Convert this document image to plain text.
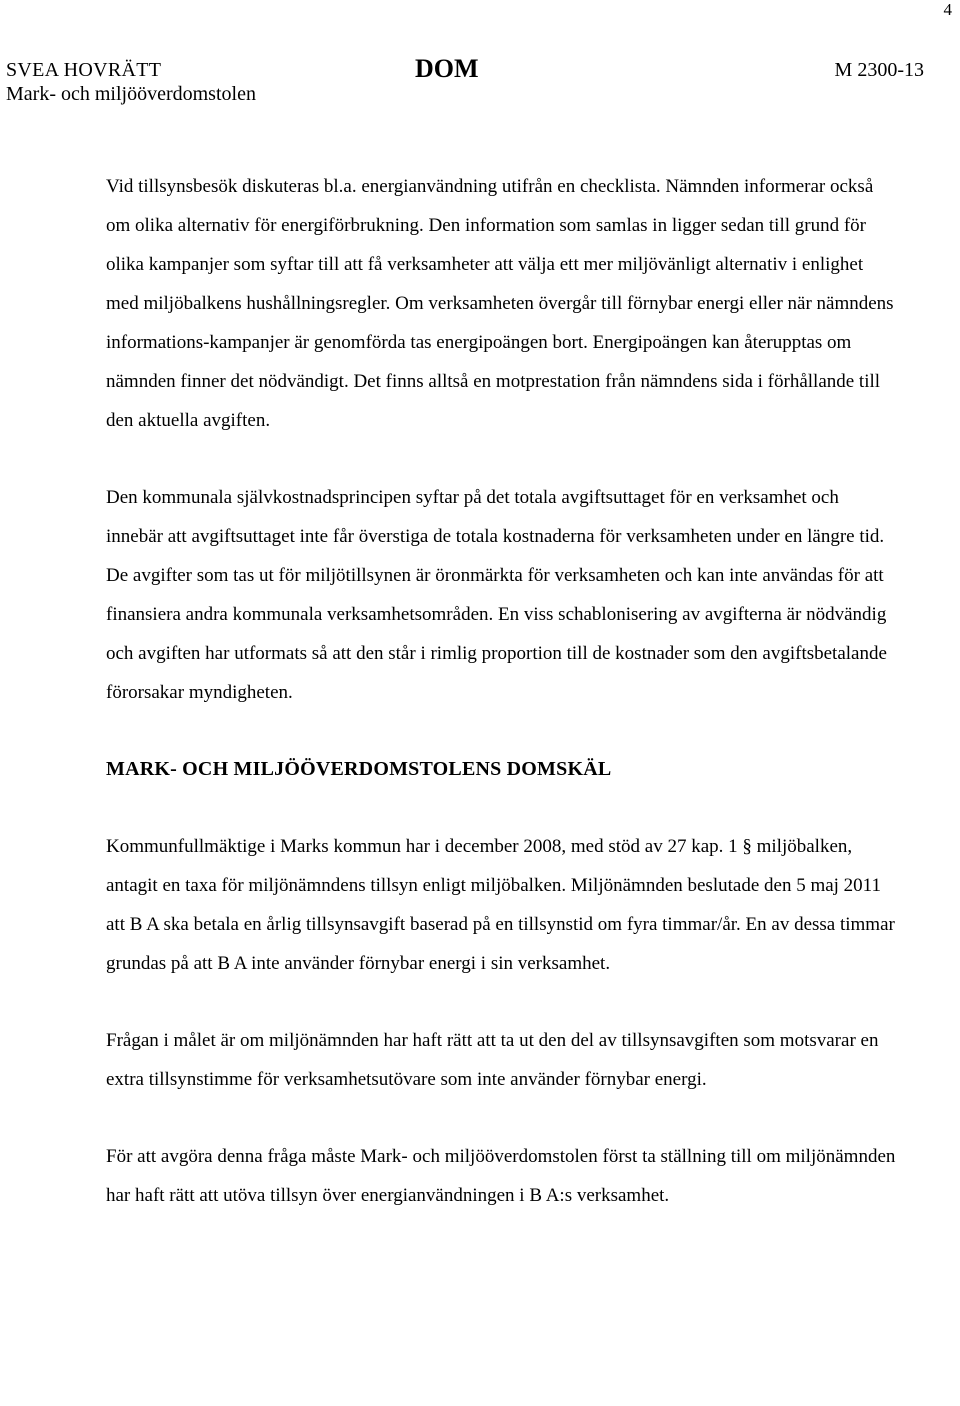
4
SVEA HOVRÄTT
Mark- och miljööverdomstolen
DOM	M 2300-13

Vid tillsynsbesök diskuteras bl.a. energianvändning utifrån en checklista. Nämnden informerar också om olika alternativ för energiförbrukning. Den information som samlas in ligger sedan till grund för olika kampanjer som syftar till att få verksamheter att välja ett mer miljövänligt alternativ i enlighet med miljöbalkens hushållningsregler. Om verksamheten övergår till förnybar energi eller när nämndens informations-kampanjer är genomförda tas energipoängen bort. Energipoängen kan återupptas om nämnden finner det nödvändigt. Det finns alltså en motprestation från nämndens sida i förhållande till den aktuella avgiften.

Den kommunala självkostnadsprincipen syftar på det totala avgiftsuttaget för en verksamhet och innebär att avgiftsuttaget inte får överstiga de totala kostnaderna för verksamheten under en längre tid. De avgifter som tas ut för miljötillsynen är öronmärkta för verksamheten och kan inte användas för att finansiera andra kommunala verksamhetsområden. En viss schablonisering av avgifterna är nödvändig och avgiften har utformats så att den står i rimlig proportion till de kostnader som den avgiftsbetalande förorsakar myndigheten.

MARK- OCH MILJÖÖVERDOMSTOLENS DOMSKÄL

Kommunfullmäktige i Marks kommun har i december 2008, med stöd av 27 kap. 1 § miljöbalken, antagit en taxa för miljönämndens tillsyn enligt miljöbalken. Miljönämnden beslutade den 5 maj 2011 att B A ska betala en årlig tillsynsavgift baserad på en tillsynstid om fyra timmar/år. En av dessa timmar grundas på att B A inte använder förnybar energi i sin verksamhet.

Frågan i målet är om miljönämnden har haft rätt att ta ut den del av tillsynsavgiften som motsvarar en extra tillsynstimme för verksamhetsutövare som inte använder förnybar energi.

För att avgöra denna fråga måste Mark- och miljööverdomstolen först ta ställning till om miljönämnden har haft rätt att utöva tillsyn över energianvändningen i B A:s verksamhet.
